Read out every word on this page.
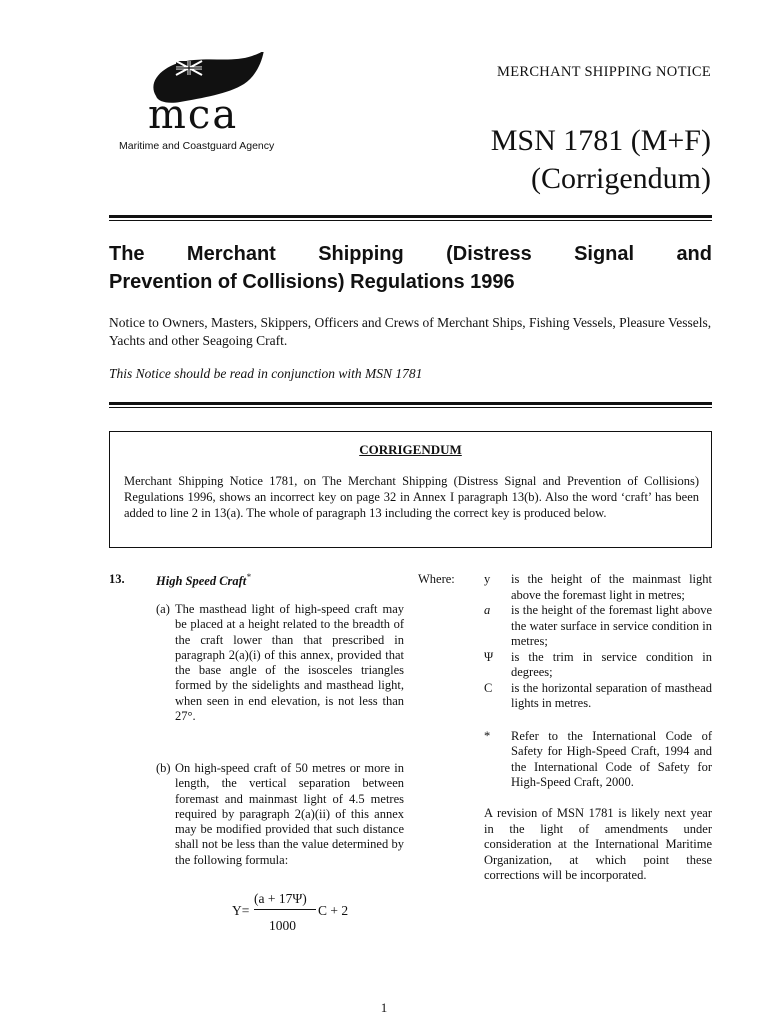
mca
Maritime and Coastguard Agency
MERCHANT SHIPPING NOTICE
MSN 1781 (M+F)
(Corrigendum)
The Merchant Shipping (Distress Signal and
Prevention of Collisions) Regulations 1996
Notice to Owners, Masters, Skippers, Officers and Crews of Merchant Ships, Fishing Vessels, Pleasure Vessels, Yachts and other Seagoing Craft.
This Notice should be read in conjunction with MSN 1781
CORRIGENDUM
Merchant Shipping Notice 1781, on The Merchant Shipping (Distress Signal and Prevention of Collisions) Regulations 1996, shows an incorrect key on page 32 in Annex I paragraph 13(b). Also the word ‘craft’ has been added to line 2 in 13(a). The whole of paragraph 13 including the correct key is produced below.
13.	High Speed Craft*
(a) The masthead light of high-speed craft may be placed at a height related to the breadth of the craft lower than that prescribed in paragraph 2(a)(i) of this annex, provided that the base angle of the isosceles triangles formed by the sidelights and masthead light, when seen in end elevation, is not less than 27°.
(b) On high-speed craft of 50 metres or more in length, the vertical separation between foremast and mainmast light of 4.5 metres required by paragraph 2(a)(ii) of this annex may be modified provided that such distance shall not be less than the value determined by the following formula:
Y=
(a + 17Ψ)
1000
C + 2
Where: y	is the height of the mainmast light above the foremast light in metres;
a	is the height of the foremast light above the water surface in service condition in metres;
Ψ	is the trim in service condition in degrees;
C	is the horizontal separation of masthead lights in metres.
*	Refer to the International Code of Safety for High-Speed Craft, 1994 and the International Code of Safety for High-Speed Craft, 2000.
A revision of MSN 1781 is likely next year in the light of amendments under consideration at the International Maritime Organization, at which point these corrections will be incorporated.
1
